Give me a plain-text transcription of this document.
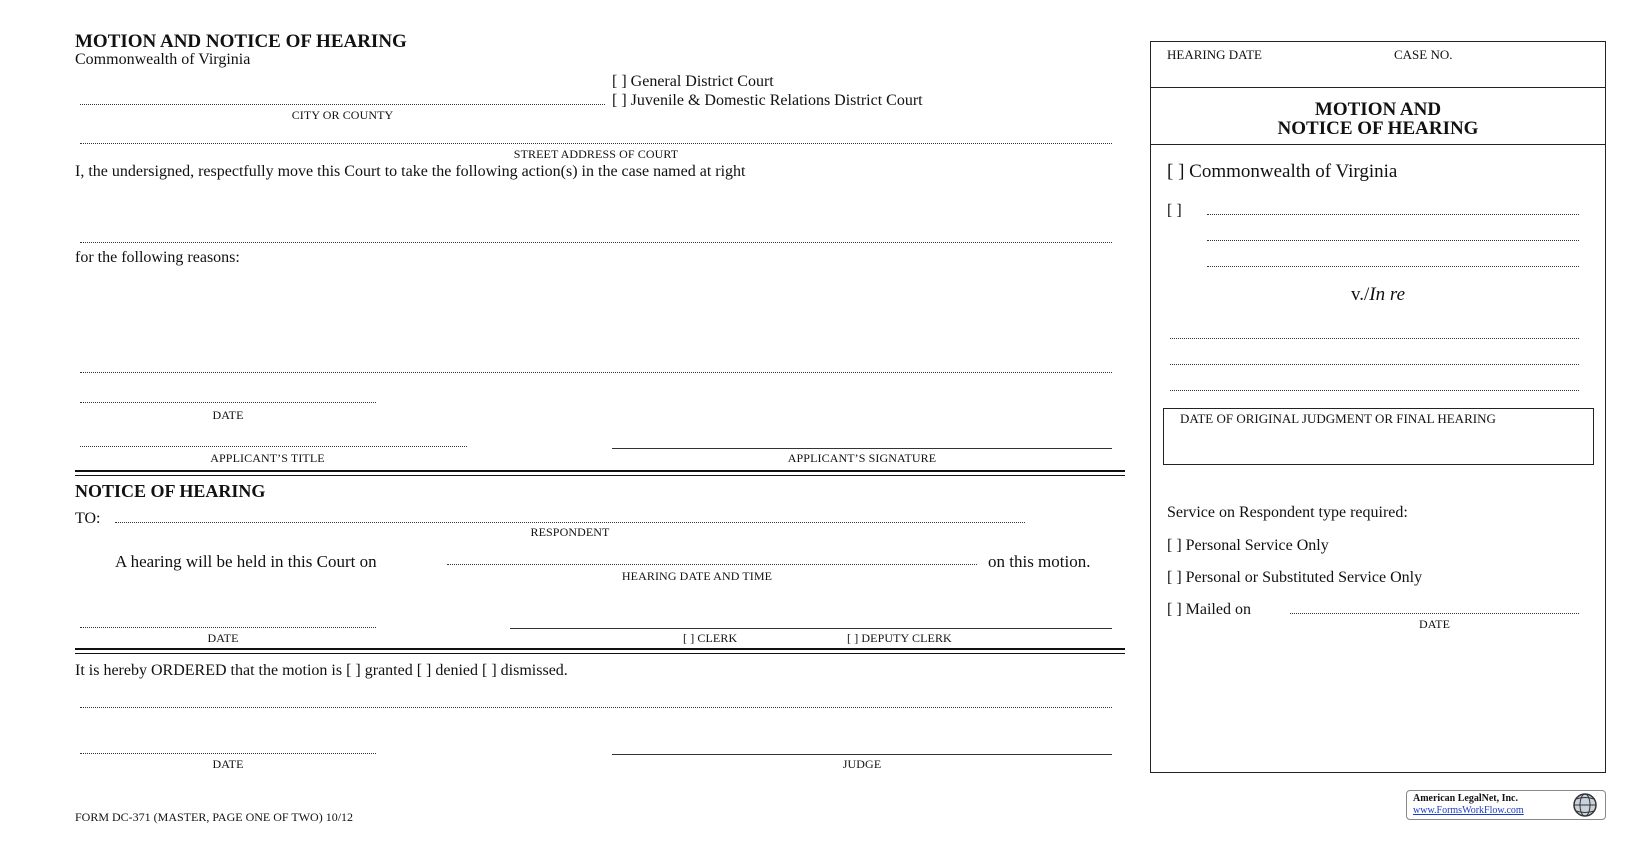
MOTION AND NOTICE OF HEARING
Commonwealth of Virginia
[ ] General District Court
[ ] Juvenile & Domestic Relations District Court
CITY OR COUNTY
STREET ADDRESS OF COURT
I, the undersigned, respectfully move this Court to take the following action(s) in the case named at right
for the following reasons:
DATE
APPLICANT’S TITLE	APPLICANT’S SIGNATURE
NOTICE OF HEARING
TO:
RESPONDENT
A hearing will be held in this Court on	on this motion.
HEARING DATE AND TIME
DATE	[ ] CLERK	[ ] DEPUTY CLERK
It is hereby ORDERED that the motion is [ ] granted [ ] denied [ ] dismissed.
DATE	JUDGE
FORM DC-371 (MASTER, PAGE ONE OF TWO) 10/12
HEARING DATE	CASE NO.
MOTION AND
NOTICE OF HEARING
[ ] Commonwealth of Virginia
[ ]
v./In re
DATE OF ORIGINAL JUDGMENT OR FINAL HEARING
Service on Respondent type required:
[ ] Personal Service Only
[ ] Personal or Substituted Service Only
[ ] Mailed on
DATE
American LegalNet, Inc.
www.FormsWorkFlow.com
